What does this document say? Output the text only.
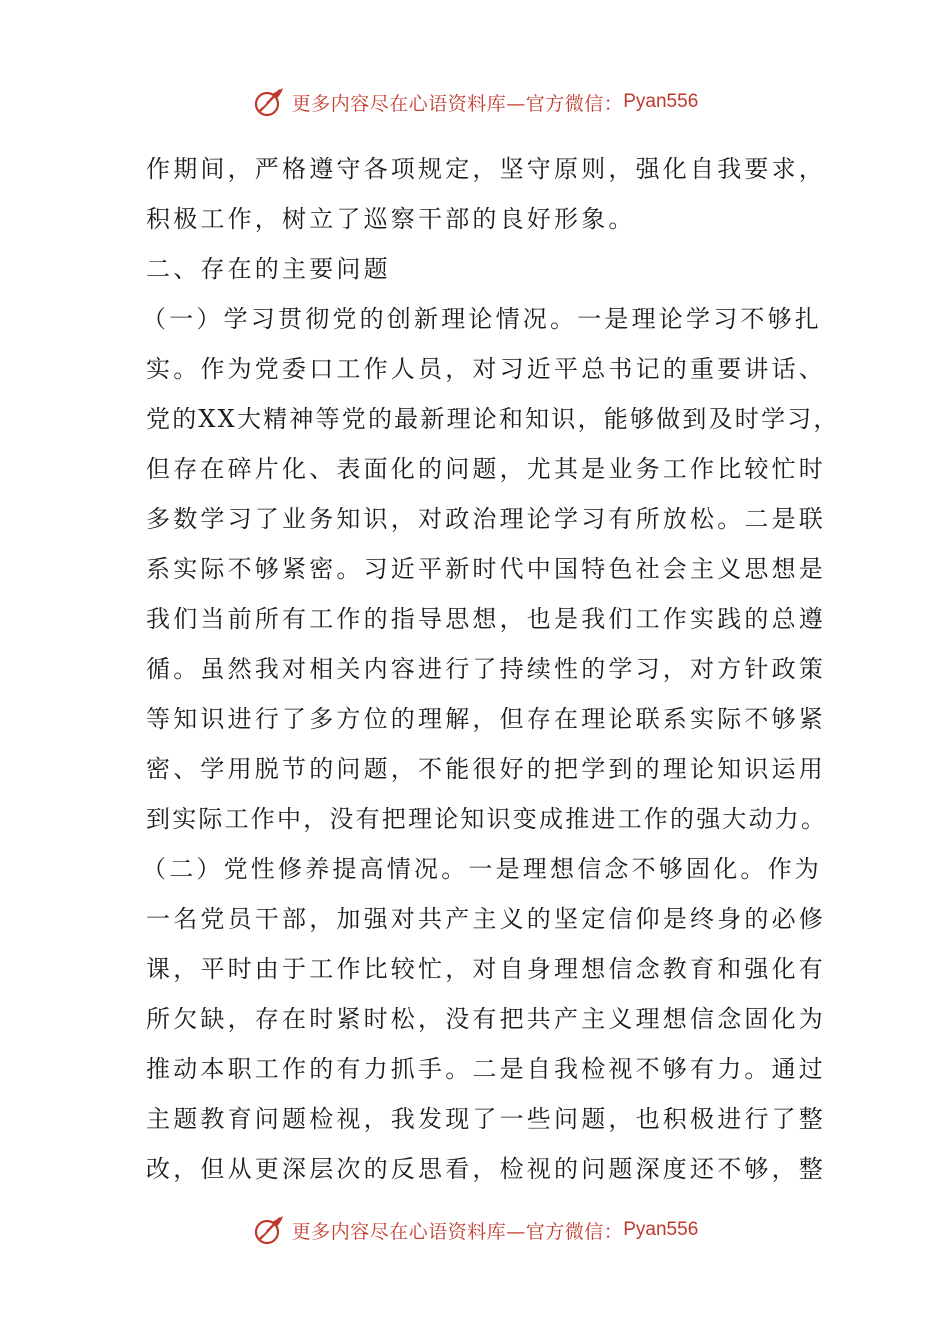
更多内容尽在心语资料库—官方微信： Pyan556
作期间，严格遵守各项规定，坚守原则，强化自我要求，
积极工作，树立了巡察干部的良好形象。
二、存在的主要问题
（一）学习贯彻党的创新理论情况。一是理论学习不够扎
实。作为党委口工作人员，对习近平总书记的重要讲话、
党的XX大精神等党的最新理论和知识，能够做到及时学习，
但存在碎片化、表面化的问题，尤其是业务工作比较忙时
多数学习了业务知识，对政治理论学习有所放松。二是联
系实际不够紧密。习近平新时代中国特色社会主义思想是
我们当前所有工作的指导思想，也是我们工作实践的总遵
循。虽然我对相关内容进行了持续性的学习，对方针政策
等知识进行了多方位的理解，但存在理论联系实际不够紧
密、学用脱节的问题，不能很好的把学到的理论知识运用
到实际工作中，没有把理论知识变成推进工作的强大动力。
（二）党性修养提高情况。一是理想信念不够固化。作为
一名党员干部，加强对共产主义的坚定信仰是终身的必修
课，平时由于工作比较忙，对自身理想信念教育和强化有
所欠缺，存在时紧时松，没有把共产主义理想信念固化为
推动本职工作的有力抓手。二是自我检视不够有力。通过
主题教育问题检视，我发现了一些问题，也积极进行了整
改，但从更深层次的反思看，检视的问题深度还不够，整
更多内容尽在心语资料库—官方微信： Pyan556
